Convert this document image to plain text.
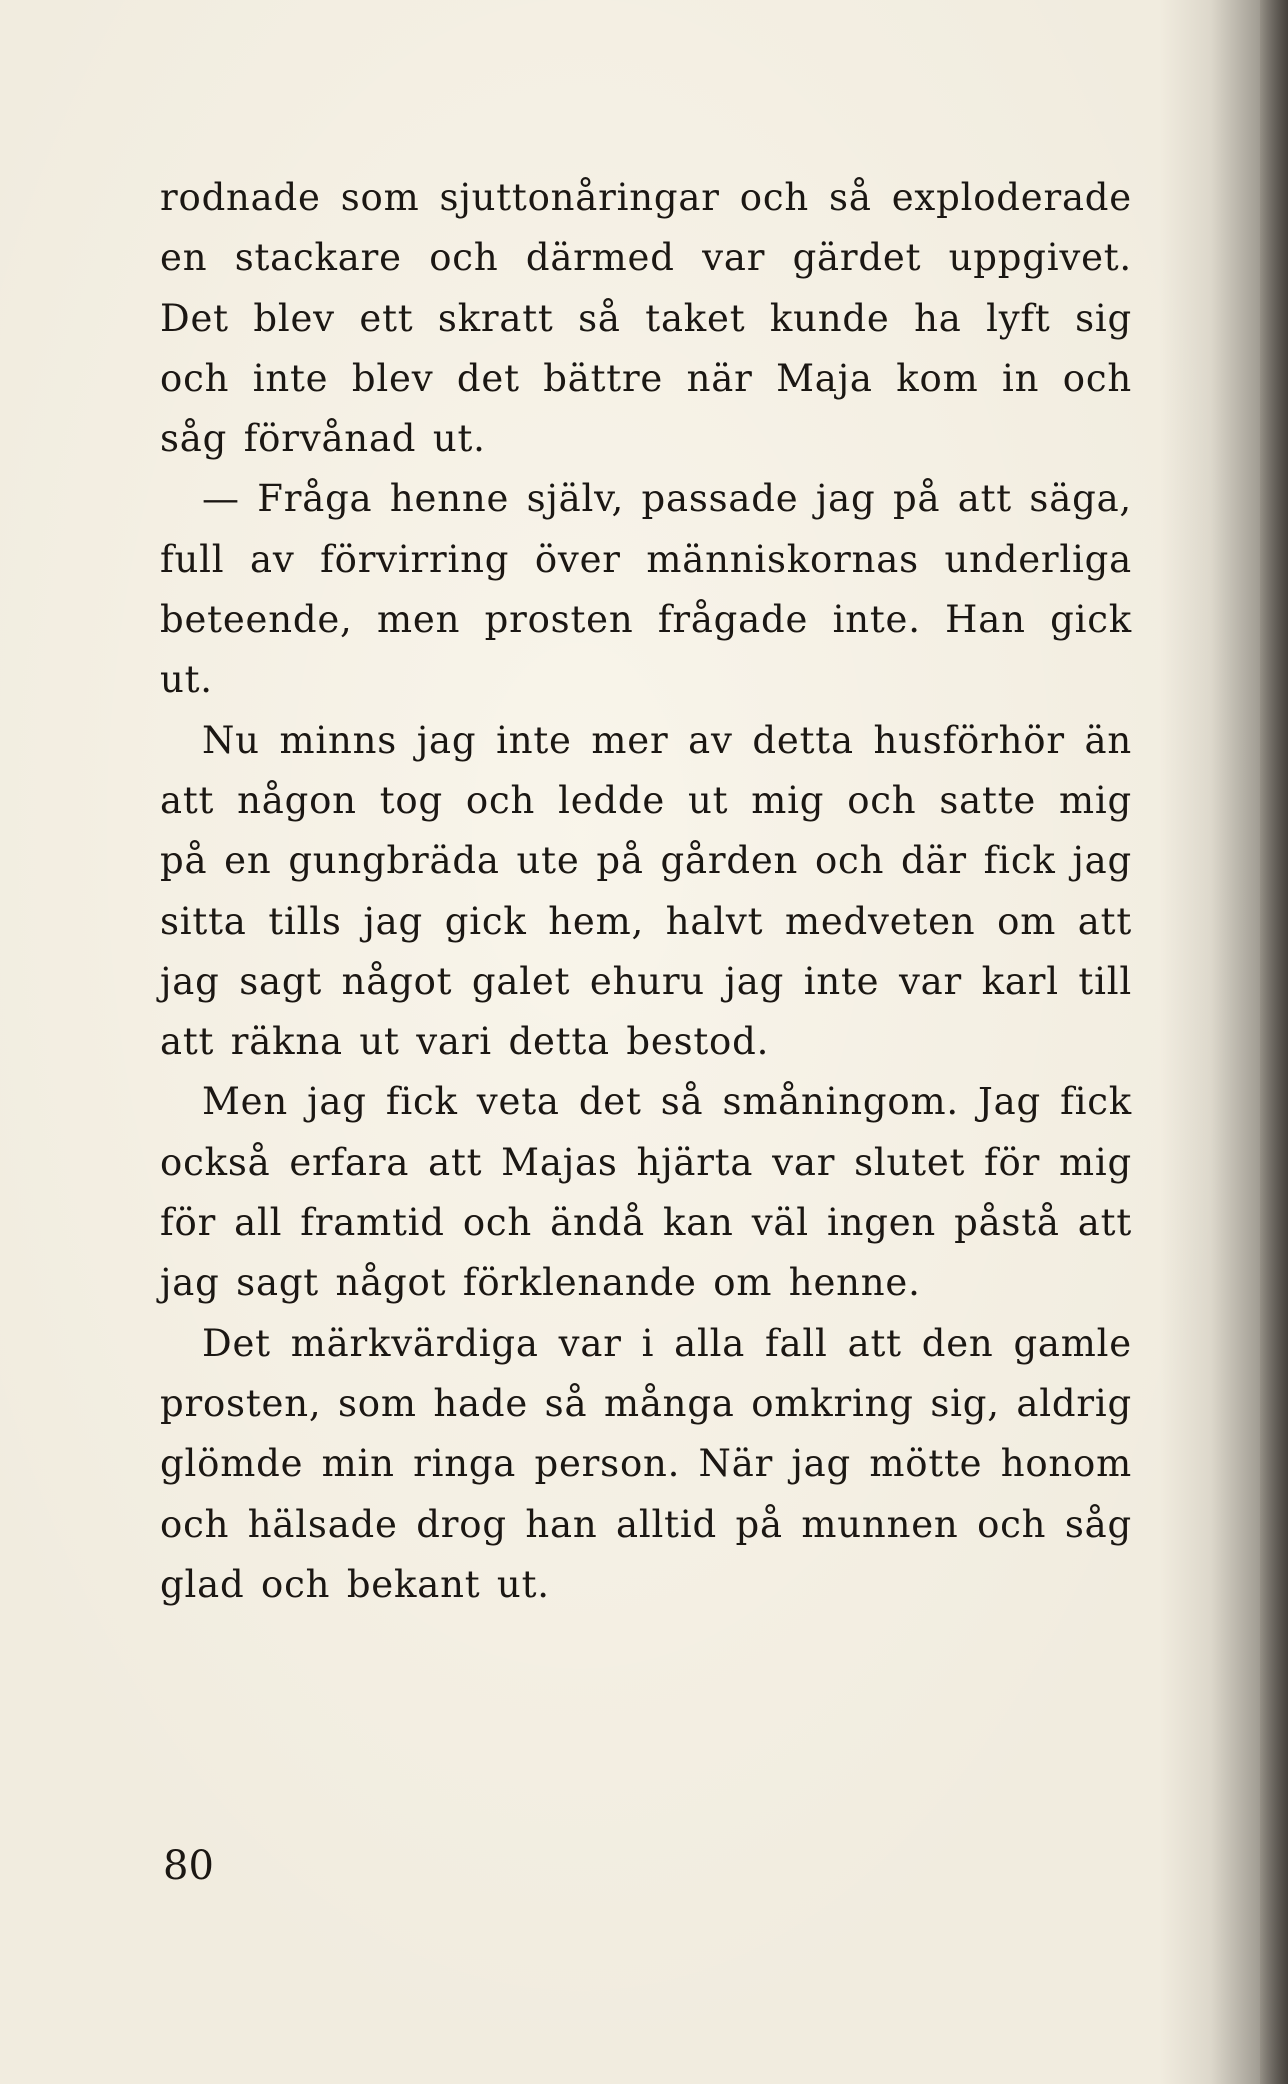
rodnade som sjuttonåringar och så exploderade en stackare och därmed var gärdet uppgivet. Det blev ett skratt så taket kunde ha lyft sig och inte blev det bättre när Maja kom in och såg förvånad ut.

— Fråga henne själv, passade jag på att säga, full av förvirring över människornas underliga beteende, men prosten frågade inte. Han gick ut.

Nu minns jag inte mer av detta husförhör än att någon tog och ledde ut mig och satte mig på en gungbräda ute på gården och där fick jag sitta tills jag gick hem, halvt medveten om att jag sagt något galet ehuru jag inte var karl till att räkna ut vari detta bestod.

Men jag fick veta det så småningom. Jag fick också erfara att Majas hjärta var slutet för mig för all framtid och ändå kan väl ingen påstå att jag sagt något förklenande om henne.

Det märkvärdiga var i alla fall att den gamle prosten, som hade så många omkring sig, aldrig glömde min ringa person. När jag mötte honom och hälsade drog han alltid på munnen och såg glad och bekant ut.

80
